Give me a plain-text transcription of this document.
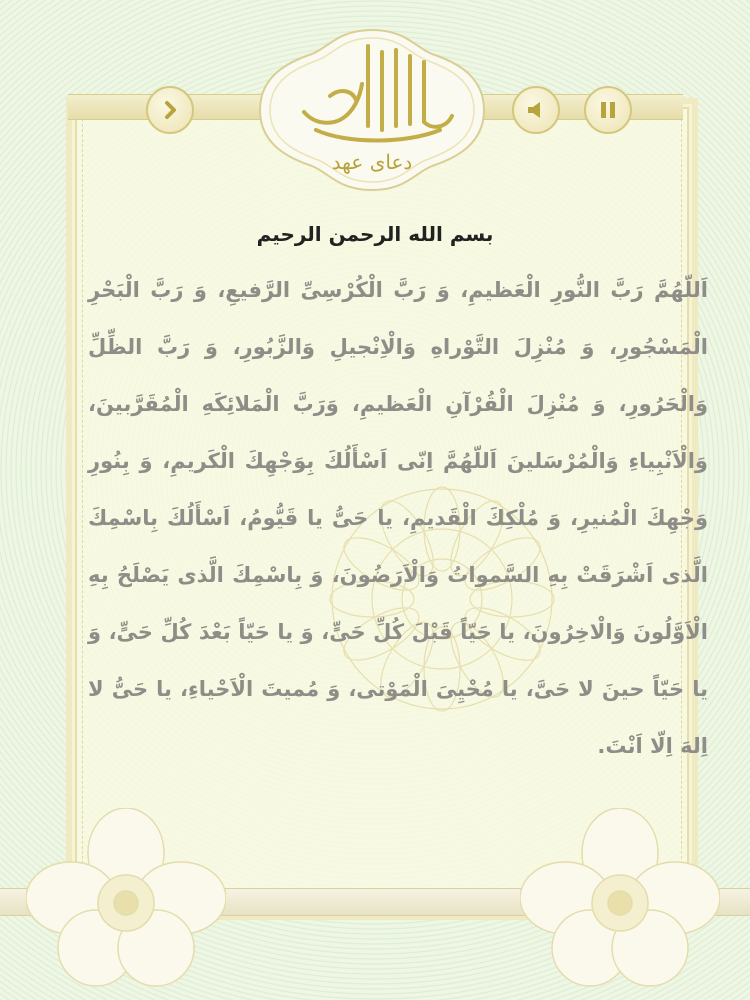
دعای عهد
بسم الله الرحمن الرحیم
اَللّهُمَّ رَبَّ النُّورِ الْعَظیمِ، وَ رَبَّ الْكُرْسِیِّ الرَّفیعِ، وَ رَبَّ الْبَحْرِ الْمَسْجُورِ، وَ مُنْزِلَ التَّوْراهِ وَالْاِنْجیلِ وَالزَّبُورِ، وَ رَبَّ الظِّلِّ وَالْحَرُورِ، وَ مُنْزِلَ الْقُرْآنِ الْعَظیمِ، وَرَبَّ الْمَلائِكَهِ الْمُقَرَّبینَ، وَالْاَنْبِیاءِ وَالْمُرْسَلینَ اَللّهُمَّ اِنّی اَسْأَلُكَ بِوَجْهِكَ الْكَریمِ، وَ بِنُورِ وَجْهِكَ الْمُنیرِ، وَ مُلْكِكَ الْقَدیمِ، یا حَیُّ یا قَیُّومُ، اَسْأَلُكَ بِاسْمِكَ الَّذی اَشْرَقَتْ بِهِ السَّمواتُ وَالْاَرَضُونَ، وَ بِاسْمِكَ الَّذی یَصْلَحُ بِهِ الْاَوَّلُونَ وَالْاخِرُونَ، یا حَیّاً قَبْلَ كُلِّ حَیٍّ، وَ یا حَیّاً بَعْدَ كُلِّ حَیٍّ، وَ یا حَیّاً حینَ لا حَیَّ، یا مُحْیِیَ الْمَوْتی، وَ مُمیتَ الْاَحْیاءِ، یا حَیُّ لا اِلهَ اِلّا اَنْتَ.
